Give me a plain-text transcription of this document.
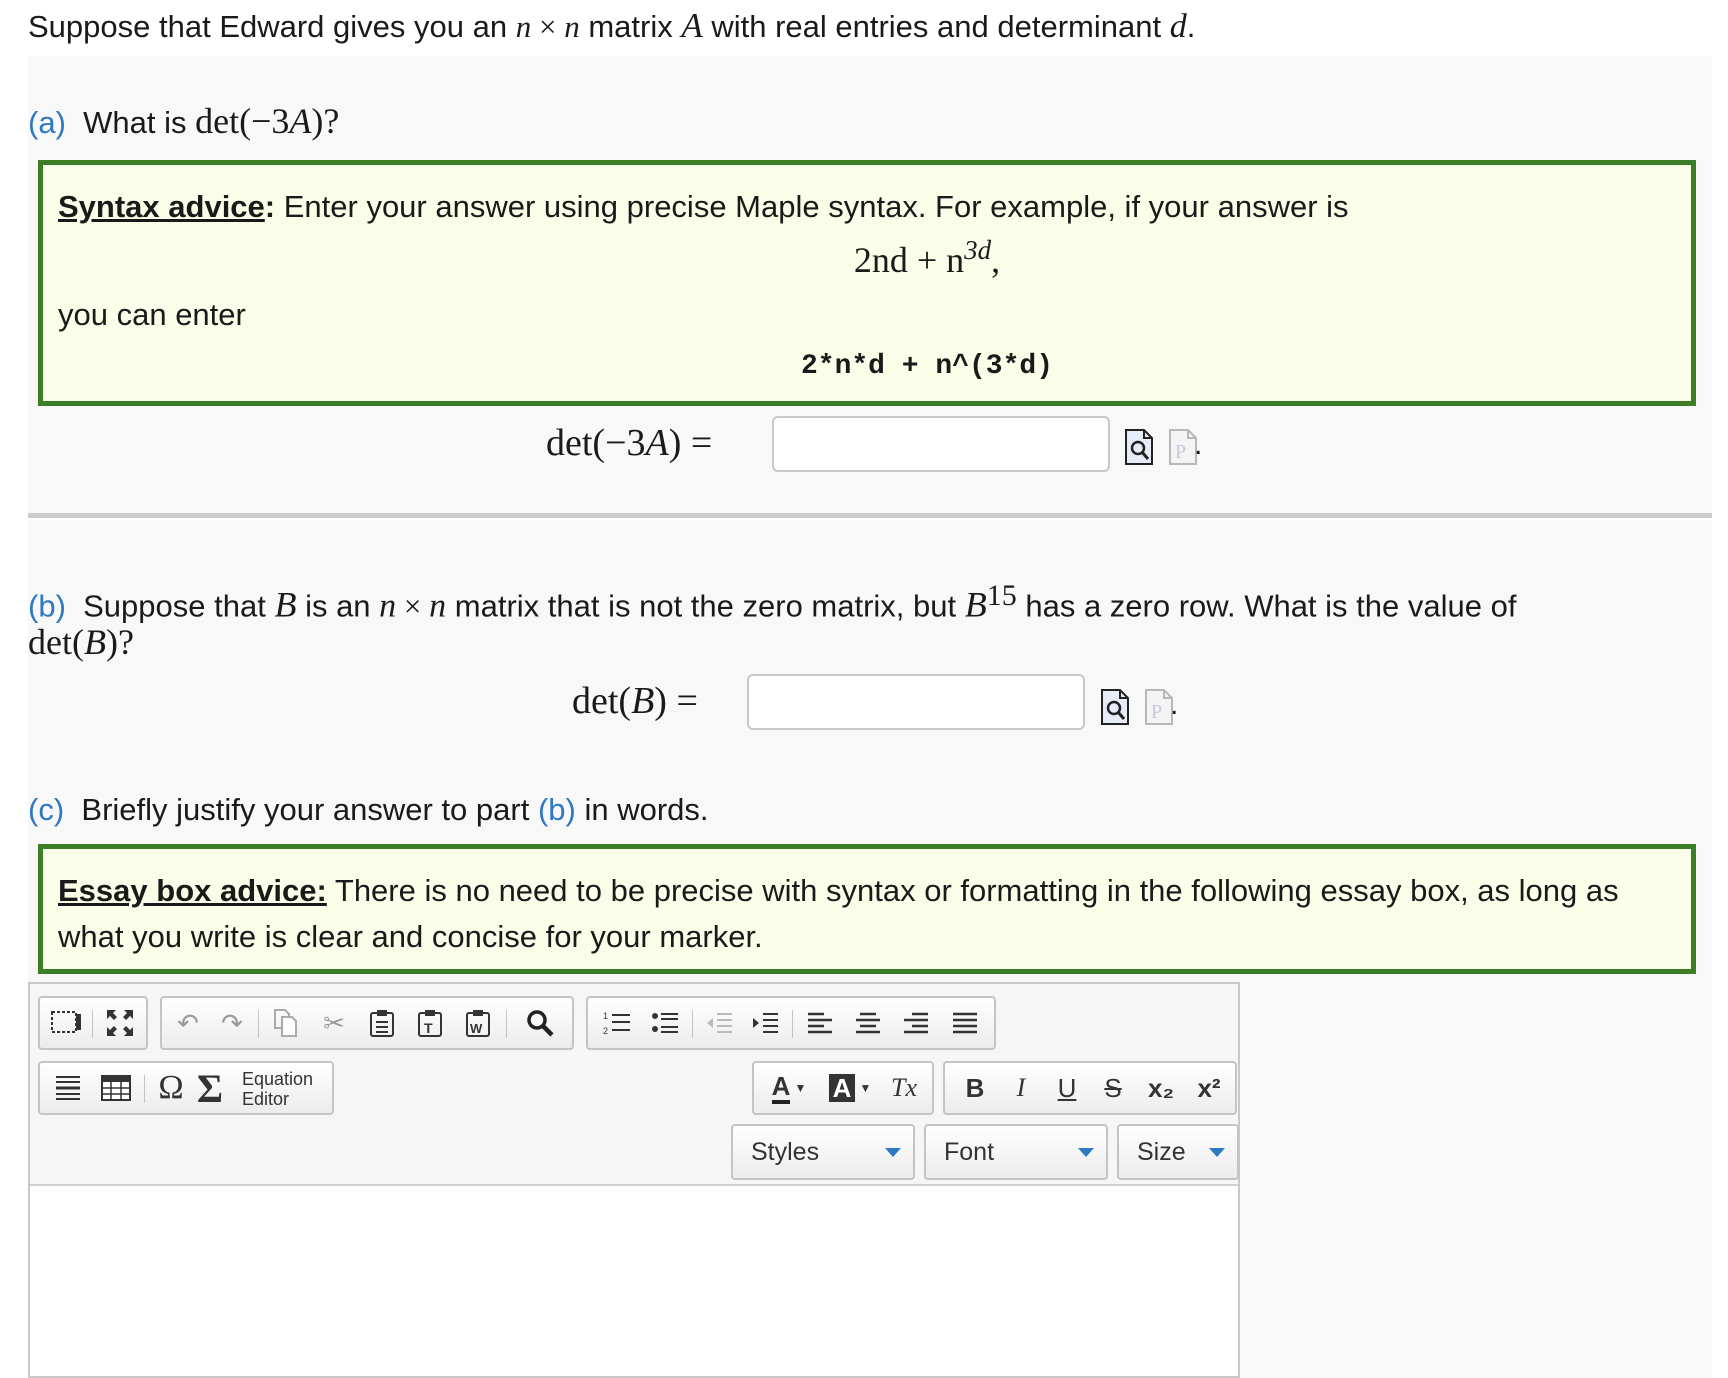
Suppose that Edward gives you an n × n matrix A with real entries and determinant d.
(a) What is det(−3A)?
Syntax advice: Enter your answer using precise Maple syntax. For example, if your answer is
$2nd + n^{3d}$,
you can enter
2*n*d + n^(3*d)
det(−3A) =	P .
(b) Suppose that B is an n × n matrix that is not the zero matrix, but $B^{15}$ has a zero row. What is the value of
det(B)?
det(B) =	P .
(c) Briefly justify your answer to part (b) in words.
Essay box advice: There is no need to be precise with syntax or formatting in the following essay box, as long as
what you write is clear and concise for your marker.
↶ ↷	✂	T	W
1
2
Ω Σ Equation
Editor	A ▼ A ▼ Tx	B	I	U	S	x₂ x²
Styles	Font	Size
